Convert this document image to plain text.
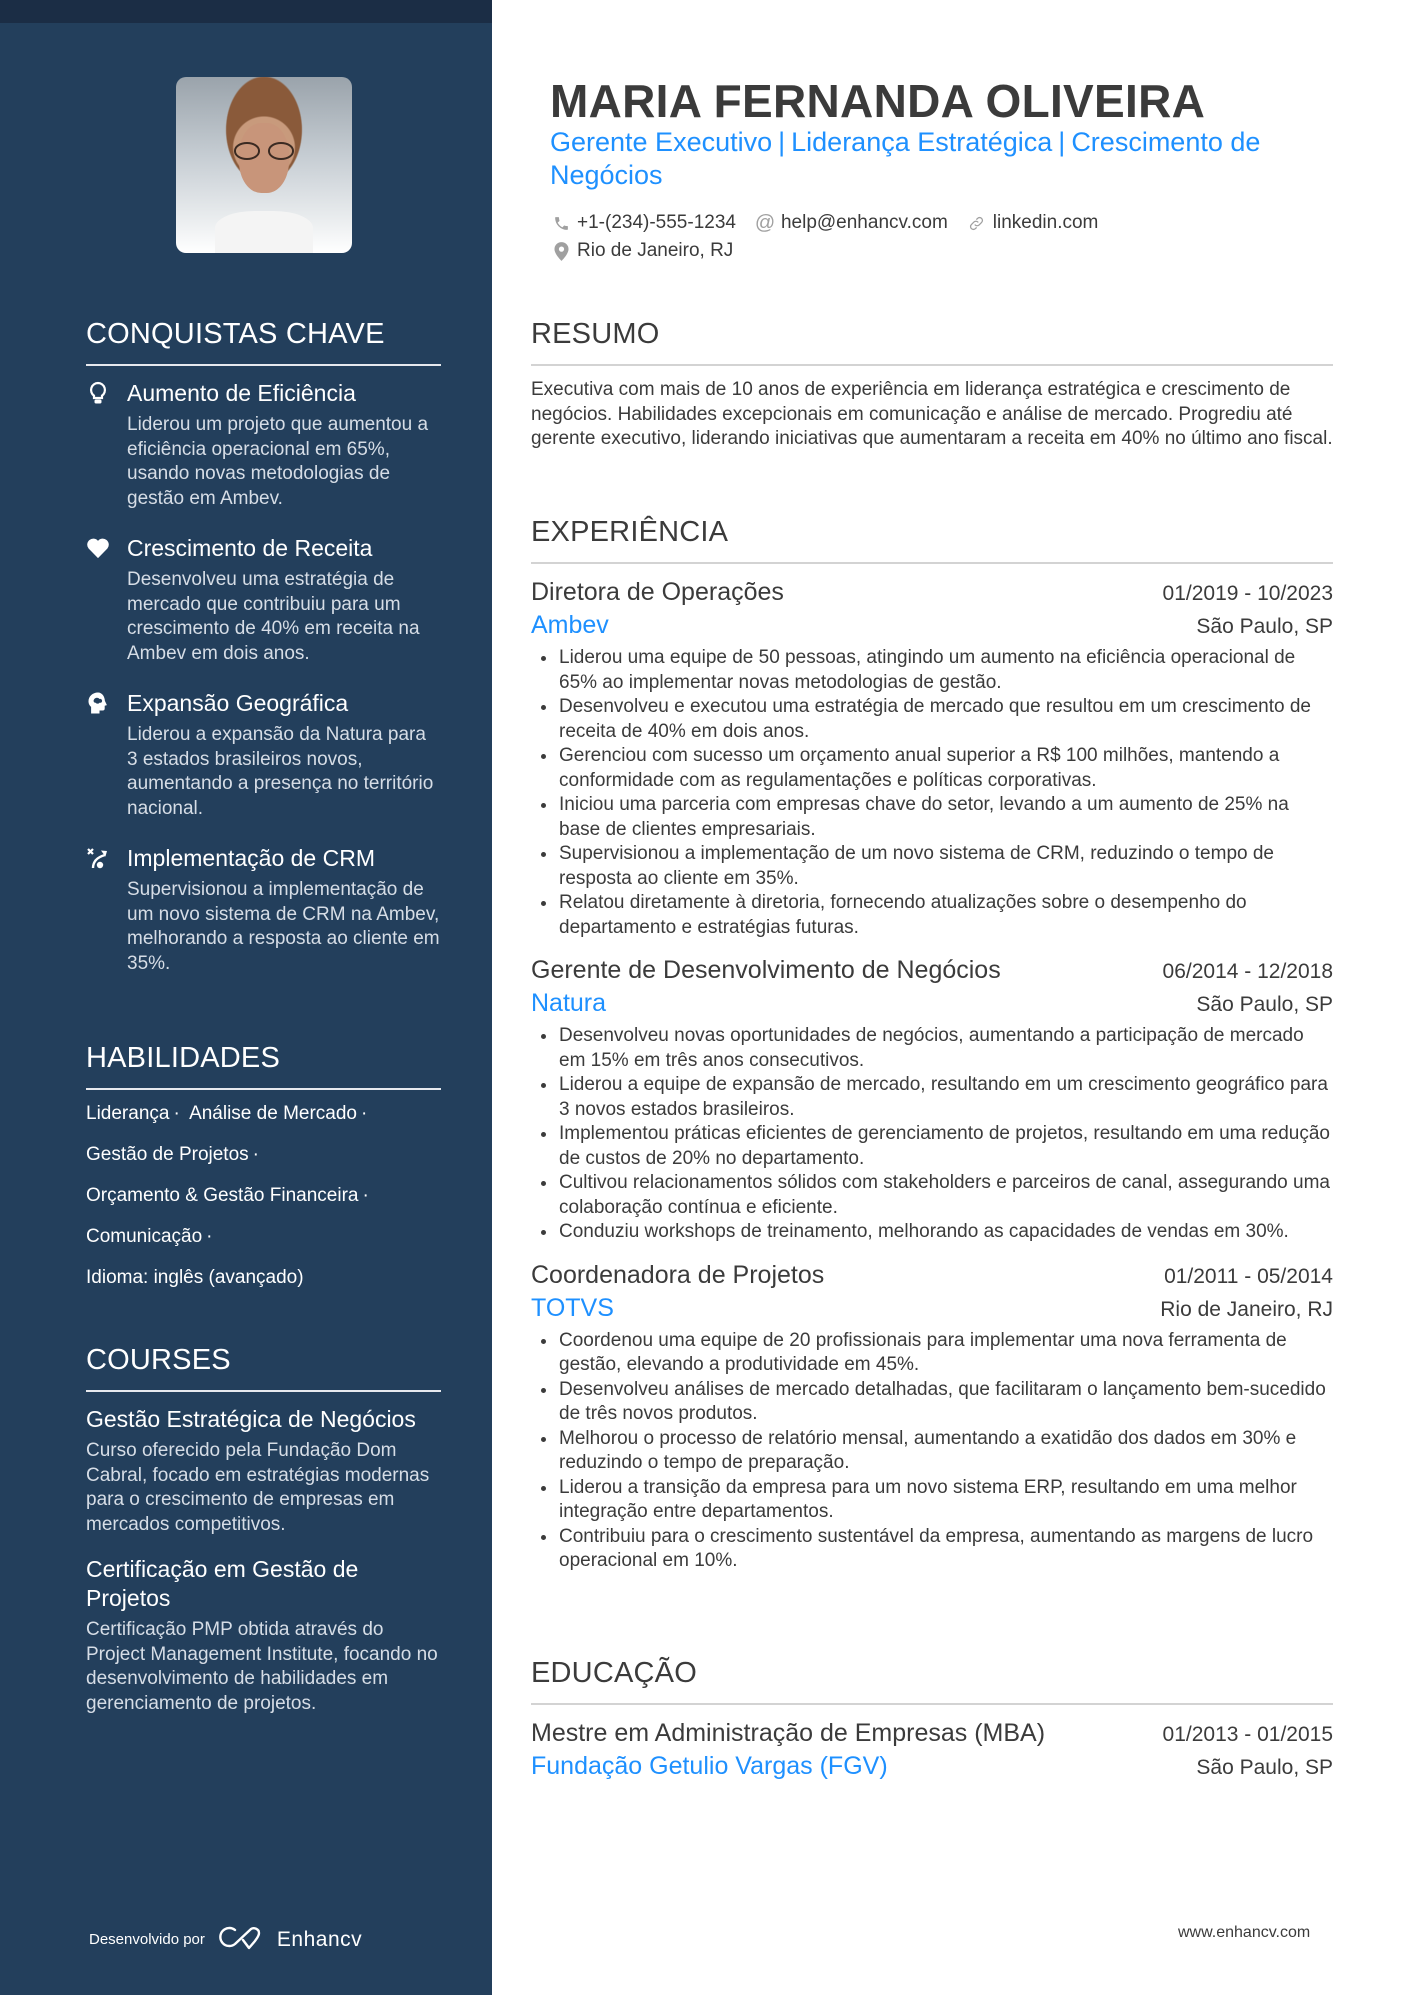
CONQUISTAS CHAVE
Aumento de Eficiência
Liderou um projeto que aumentou a eficiência operacional em 65%, usando novas metodologias de gestão em Ambev.
Crescimento de Receita
Desenvolveu uma estratégia de mercado que contribuiu para um crescimento de 40% em receita na Ambev em dois anos.
Expansão Geográfica
Liderou a expansão da Natura para 3 estados brasileiros novos, aumentando a presença no território nacional.
Implementação de CRM
Supervisionou a implementação de um novo sistema de CRM na Ambev, melhorando a resposta ao cliente em 35%.
HABILIDADES
Liderança · Análise de Mercado ·
Gestão de Projetos ·
Orçamento & Gestão Financeira ·
Comunicação ·
Idioma: inglês (avançado)
COURSES
Gestão Estratégica de Negócios
Curso oferecido pela Fundação Dom Cabral, focado em estratégias modernas para o crescimento de empresas em mercados competitivos.
Certificação em Gestão de Projetos
Certificação PMP obtida através do Project Management Institute, focando no desenvolvimento de habilidades em gerenciamento de projetos.
Desenvolvido por	Enhancv
MARIA FERNANDA OLIVEIRA
Gerente Executivo | Liderança Estratégica | Crescimento de Negócios
+1-(234)-555-1234 @ help@enhancv.com linkedin.com
Rio de Janeiro, RJ
RESUMO

Executiva com mais de 10 anos de experiência em liderança estratégica e crescimento de negócios. Habilidades excepcionais em comunicação e análise de mercado. Progrediu até gerente executivo, liderando iniciativas que aumentaram a receita em 40% no último ano fiscal.

EXPERIÊNCIA
Diretora de Operações	01/2019 - 10/2023
Ambev	São Paulo, SP
Liderou uma equipe de 50 pessoas, atingindo um aumento na eficiência operacional de 65% ao implementar novas metodologias de gestão.
Desenvolveu e executou uma estratégia de mercado que resultou em um crescimento de receita de 40% em dois anos.
Gerenciou com sucesso um orçamento anual superior a R$ 100 milhões, mantendo a conformidade com as regulamentações e políticas corporativas.
Iniciou uma parceria com empresas chave do setor, levando a um aumento de 25% na base de clientes empresariais.
Supervisionou a implementação de um novo sistema de CRM, reduzindo o tempo de resposta ao cliente em 35%.
Relatou diretamente à diretoria, fornecendo atualizações sobre o desempenho do departamento e estratégias futuras.
Gerente de Desenvolvimento de Negócios	06/2014 - 12/2018
Natura	São Paulo, SP
Desenvolveu novas oportunidades de negócios, aumentando a participação de mercado em 15% em três anos consecutivos.
Liderou a equipe de expansão de mercado, resultando em um crescimento geográfico para 3 novos estados brasileiros.
Implementou práticas eficientes de gerenciamento de projetos, resultando em uma redução de custos de 20% no departamento.
Cultivou relacionamentos sólidos com stakeholders e parceiros de canal, assegurando uma colaboração contínua e eficiente.
Conduziu workshops de treinamento, melhorando as capacidades de vendas em 30%.
Coordenadora de Projetos	01/2011 - 05/2014
TOTVS	Rio de Janeiro, RJ
Coordenou uma equipe de 20 profissionais para implementar uma nova ferramenta de gestão, elevando a produtividade em 45%.
Desenvolveu análises de mercado detalhadas, que facilitaram o lançamento bem-sucedido de três novos produtos.
Melhorou o processo de relatório mensal, aumentando a exatidão dos dados em 30% e reduzindo o tempo de preparação.
Liderou a transição da empresa para um novo sistema ERP, resultando em uma melhor integração entre departamentos.
Contribuiu para o crescimento sustentável da empresa, aumentando as margens de lucro operacional em 10%.
EDUCAÇÃO
Mestre em Administração de Empresas (MBA)	01/2013 - 01/2015
Fundação Getulio Vargas (FGV)	São Paulo, SP
www.enhancv.com
